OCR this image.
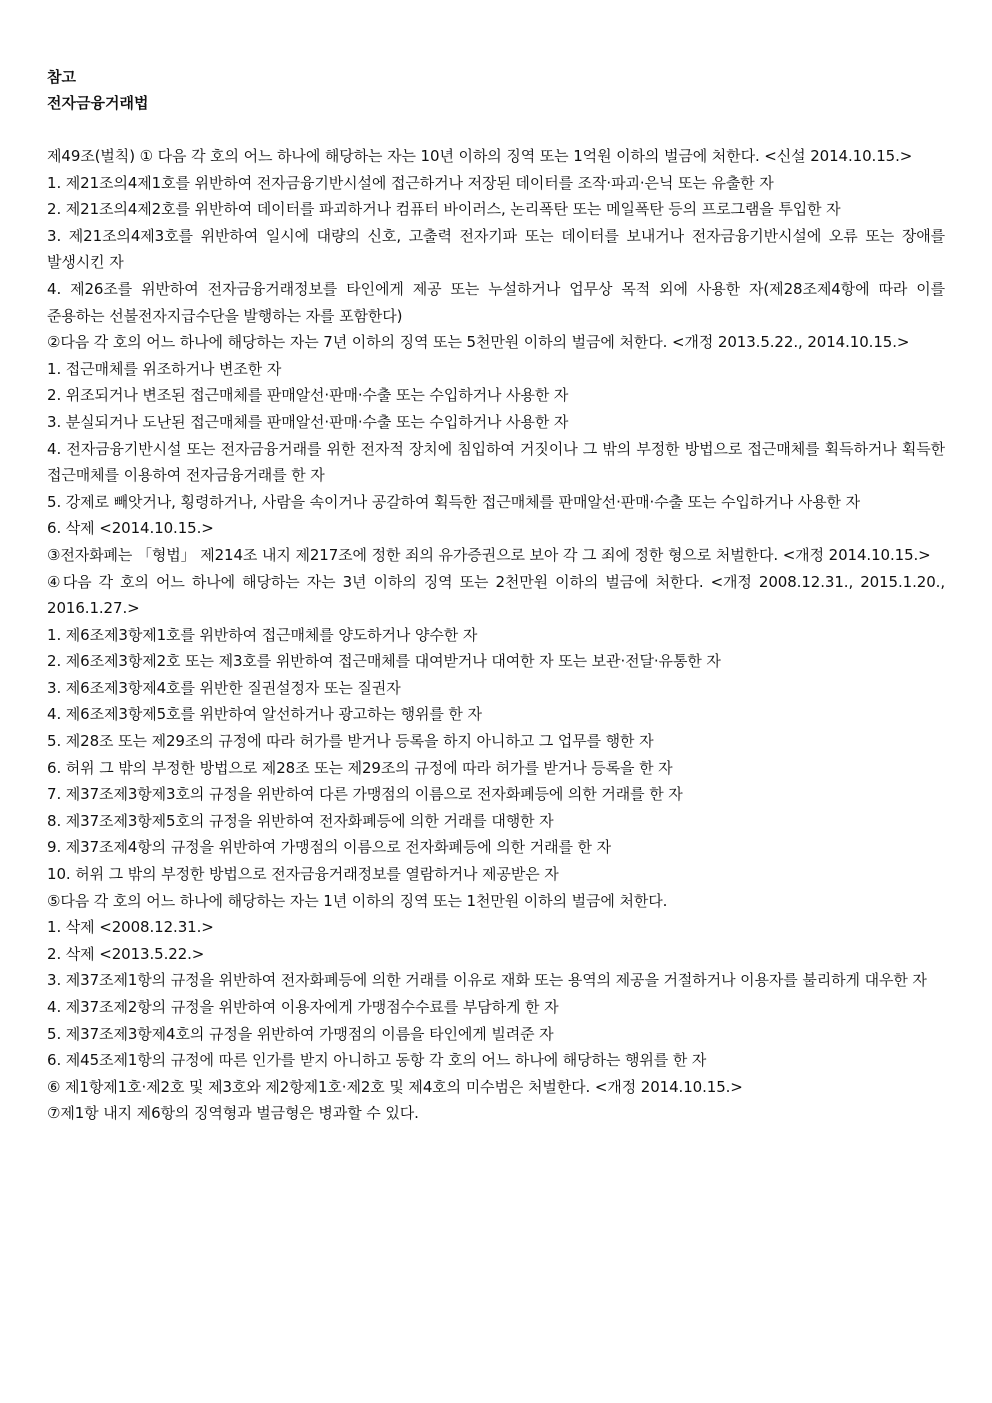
참고

전자금융거래법

제49조(벌칙) ① 다음 각 호의 어느 하나에 해당하는 자는 10년 이하의 징역 또는 1억원 이하의 벌금에 처한다. <신설 2014.10.15.>

1. 제21조의4제1호를 위반하여 전자금융기반시설에 접근하거나 저장된 데이터를 조작·파괴·은닉 또는 유출한 자

2. 제21조의4제2호를 위반하여 데이터를 파괴하거나 컴퓨터 바이러스, 논리폭탄 또는 메일폭탄 등의 프로그램을 투입한 자

3. 제21조의4제3호를 위반하여 일시에 대량의 신호, 고출력 전자기파 또는 데이터를 보내거나 전자금융기반시설에 오류 또는 장애를 발생시킨 자

4. 제26조를 위반하여 전자금융거래정보를 타인에게 제공 또는 누설하거나 업무상 목적 외에 사용한 자(제28조제4항에 따라 이를 준용하는 선불전자지급수단을 발행하는 자를 포함한다)

②다음 각 호의 어느 하나에 해당하는 자는 7년 이하의 징역 또는 5천만원 이하의 벌금에 처한다. <개정 2013.5.22., 2014.10.15.>

1. 접근매체를 위조하거나 변조한 자

2. 위조되거나 변조된 접근매체를 판매알선·판매·수출 또는 수입하거나 사용한 자

3. 분실되거나 도난된 접근매체를 판매알선·판매·수출 또는 수입하거나 사용한 자

4. 전자금융기반시설 또는 전자금융거래를 위한 전자적 장치에 침입하여 거짓이나 그 밖의 부정한 방법으로 접근매체를 획득하거나 획득한 접근매체를 이용하여 전자금융거래를 한 자

5. 강제로 빼앗거나, 횡령하거나, 사람을 속이거나 공갈하여 획득한 접근매체를 판매알선·판매·수출 또는 수입하거나 사용한 자

6. 삭제 <2014.10.15.>

③전자화폐는 「형법」 제214조 내지 제217조에 정한 죄의 유가증권으로 보아 각 그 죄에 정한 형으로 처벌한다. <개정 2014.10.15.>

④다음 각 호의 어느 하나에 해당하는 자는 3년 이하의 징역 또는 2천만원 이하의 벌금에 처한다. <개정 2008.12.31., 2015.1.20., 2016.1.27.>

1. 제6조제3항제1호를 위반하여 접근매체를 양도하거나 양수한 자

2. 제6조제3항제2호 또는 제3호를 위반하여 접근매체를 대여받거나 대여한 자 또는 보관·전달·유통한 자

3. 제6조제3항제4호를 위반한 질권설정자 또는 질권자

4. 제6조제3항제5호를 위반하여 알선하거나 광고하는 행위를 한 자

5. 제28조 또는 제29조의 규정에 따라 허가를 받거나 등록을 하지 아니하고 그 업무를 행한 자

6. 허위 그 밖의 부정한 방법으로 제28조 또는 제29조의 규정에 따라 허가를 받거나 등록을 한 자

7. 제37조제3항제3호의 규정을 위반하여 다른 가맹점의 이름으로 전자화폐등에 의한 거래를 한 자

8. 제37조제3항제5호의 규정을 위반하여 전자화폐등에 의한 거래를 대행한 자

9. 제37조제4항의 규정을 위반하여 가맹점의 이름으로 전자화폐등에 의한 거래를 한 자

10. 허위 그 밖의 부정한 방법으로 전자금융거래정보를 열람하거나 제공받은 자

⑤다음 각 호의 어느 하나에 해당하는 자는 1년 이하의 징역 또는 1천만원 이하의 벌금에 처한다.

1. 삭제 <2008.12.31.>

2. 삭제 <2013.5.22.>

3. 제37조제1항의 규정을 위반하여 전자화폐등에 의한 거래를 이유로 재화 또는 용역의 제공을 거절하거나 이용자를 불리하게 대우한 자

4. 제37조제2항의 규정을 위반하여 이용자에게 가맹점수수료를 부담하게 한 자

5. 제37조제3항제4호의 규정을 위반하여 가맹점의 이름을 타인에게 빌려준 자

6. 제45조제1항의 규정에 따른 인가를 받지 아니하고 동항 각 호의 어느 하나에 해당하는 행위를 한 자

⑥ 제1항제1호·제2호 및 제3호와 제2항제1호·제2호 및 제4호의 미수범은 처벌한다. <개정 2014.10.15.>

⑦제1항 내지 제6항의 징역형과 벌금형은 병과할 수 있다.
